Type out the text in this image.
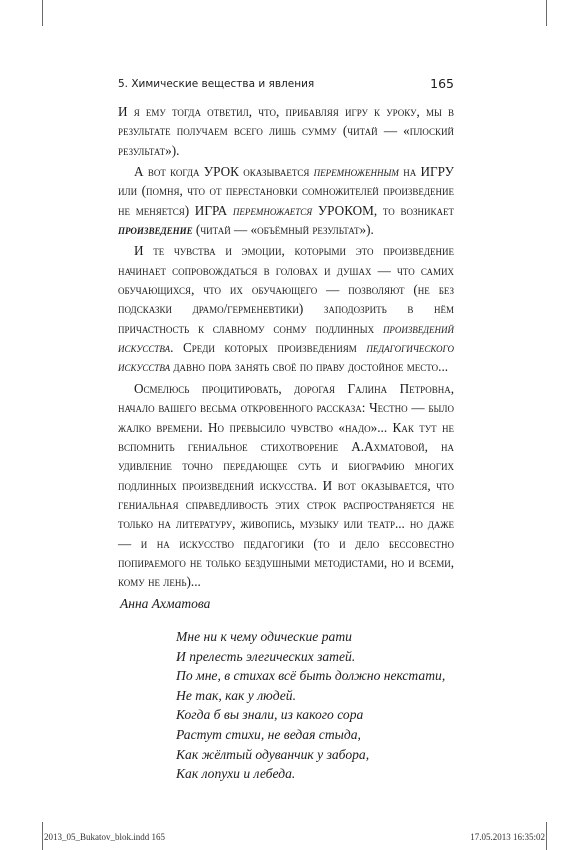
5. Химические вещества и явления	165

И я ему тогда ответил, что, прибавляя игру к уроку, мы в результате получаем всего лишь сумму (читай — «плоский результат»).

А вот когда УРОК оказывается перемноженным на ИГРУ или (помня, что от перестановки сомножителей произведение не меняется) ИГРА перемножается УРОКОМ, то возникает произведение (читай — «объёмный результат»).

И те чувства и эмоции, которыми это произведение начинает сопровождаться в головах и душах — что самих обучающихся, что их обучающего — позволяют (не без подсказки драмо/герменевтики) заподозрить в нём причастность к славному сонму подлинных произведений искусства. Среди которых произведениям педагогического искусства давно пора занять своё по праву достойное место...

Осмелюсь процитировать, дорогая Галина Петровна, начало вашего весьма откровенного рассказа: Честно — было жалко времени. Но превысило чувство «надо»... Как тут не вспомнить гениальное стихотворение А.Ахматовой, на удивление точно передающее суть и биографию многих подлинных произведений искусства. И вот оказывается, что гениальная справедливость этих строк распространяется не только на литературу, живопись, музыку или театр... но даже — и на искусство педагогики (то и дело бессовестно попираемого не только бездушными методистами, но и всеми, кому не лень)...

Анна Ахматова
Мне ни к чему одические рати
И прелесть элегических затей.
По мне, в стихах всё быть должно некстати,
Не так, как у людей.
Когда б вы знали, из какого сора
Растут стихи, не ведая стыда,
Как жёлтый одуванчик у забора,
Как лопухи и лебеда.
2013_05_Bukatov_blok.indd 165	17.05.2013 16:35:02
